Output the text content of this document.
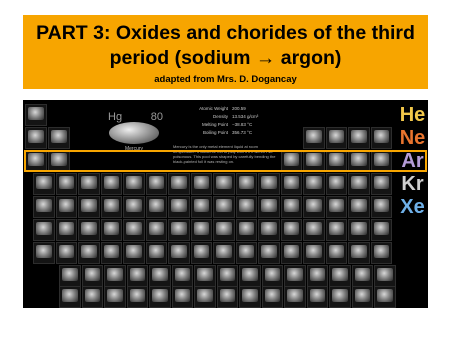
PART 3: Oxides and chorides of the third period (sodium → argon)
adapted from Mrs. D. Dogancay
Hg	80
Mercury
Atomic Weight 200.59
Density 13.534 g/cm³
Melting Point −38.83 °C
Boiling Point 356.73 °C
Mercury is the only metal element liquid at room temperature. It would be fun to play with it if it weren't so poisonous. This pool was shaped by carefully bending the black-painted foil it was resting on.
He
Ne
Ar
Kr
Xe
